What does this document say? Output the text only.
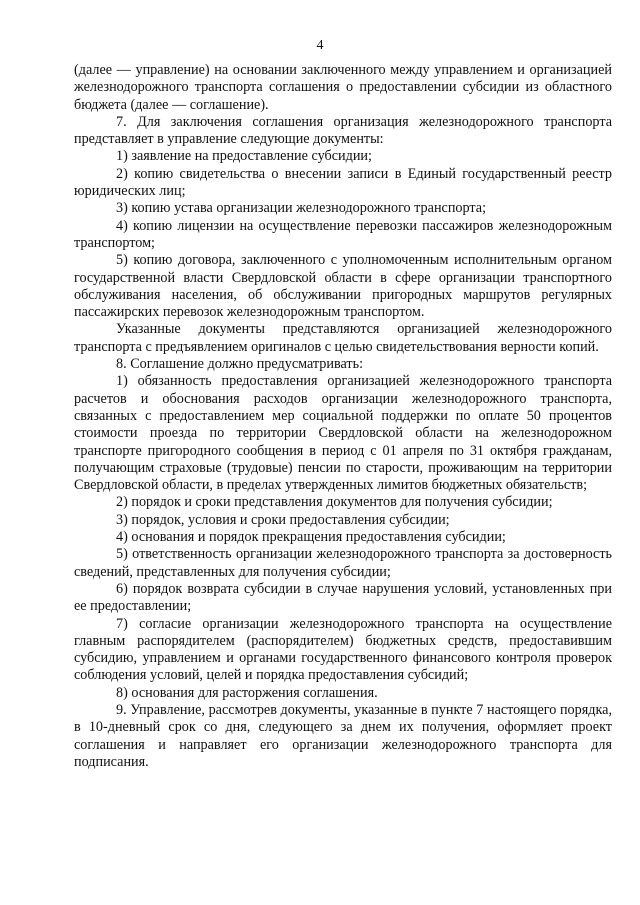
4

(далее — управление) на основании заключенного между управлением и организацией железнодорожного транспорта соглашения о предоставлении субсидии из областного бюджета (далее — соглашение).

7. Для заключения соглашения организация железнодорожного транспорта представляет в управление следующие документы:

1) заявление на предоставление субсидии;

2) копию свидетельства о внесении записи в Единый государственный реестр юридических лиц;

3) копию устава организации железнодорожного транспорта;

4) копию лицензии на осуществление перевозки пассажиров железнодорожным транспортом;

5) копию договора, заключенного с уполномоченным исполнительным органом государственной власти Свердловской области в сфере организации транспортного обслуживания населения, об обслуживании пригородных маршрутов регулярных пассажирских перевозок железнодорожным транспортом.

Указанные документы представляются организацией железнодорожного транспорта с предъявлением оригиналов с целью свидетельствования верности копий.

8. Соглашение должно предусматривать:

1) обязанность предоставления организацией железнодорожного транспорта расчетов и обоснования расходов организации железнодорожного транспорта, связанных с предоставлением мер социальной поддержки по оплате 50 процентов стоимости проезда по территории Свердловской области на железнодорожном транспорте пригородного сообщения в период с 01 апреля по 31 октября гражданам, получающим страховые (трудовые) пенсии по старости, проживающим на территории Свердловской области, в пределах утвержденных лимитов бюджетных обязательств;

2) порядок и сроки представления документов для получения субсидии;

3) порядок, условия и сроки предоставления субсидии;

4) основания и порядок прекращения предоставления субсидии;

5) ответственность организации железнодорожного транспорта за достоверность сведений, представленных для получения субсидии;

6) порядок возврата субсидии в случае нарушения условий, установленных при ее предоставлении;

7) согласие организации железнодорожного транспорта на осуществление главным распорядителем (распорядителем) бюджетных средств, предоставившим субсидию, управлением и органами государственного финансового контроля проверок соблюдения условий, целей и порядка предоставления субсидий;

8) основания для расторжения соглашения.

9. Управление, рассмотрев документы, указанные в пункте 7 настоящего порядка, в 10-дневный срок со дня, следующего за днем их получения, оформляет проект соглашения и направляет его организации железнодорожного транспорта для подписания.
